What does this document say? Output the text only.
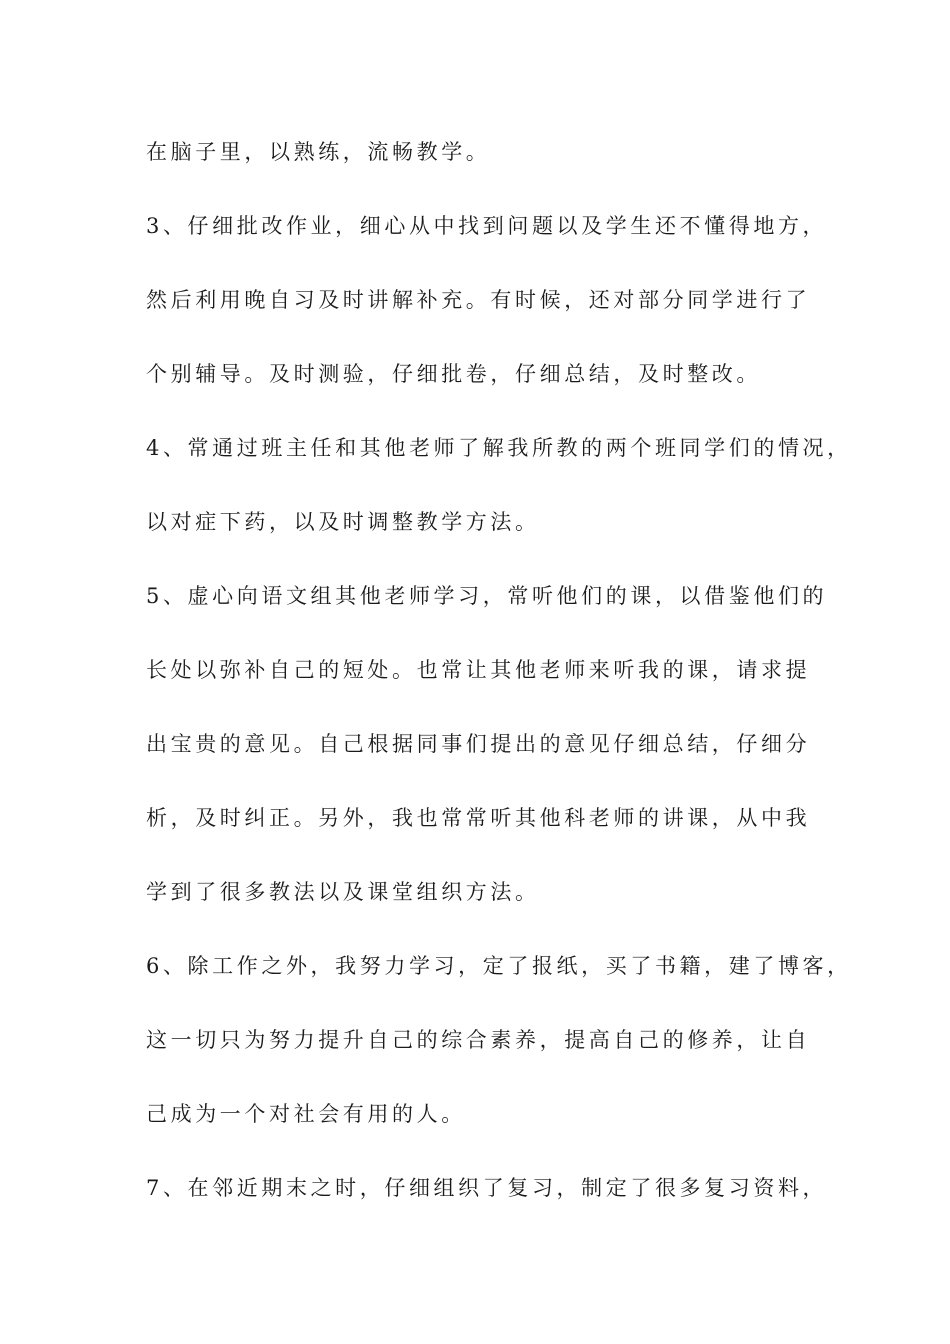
在脑子里，以熟练，流畅教学。
3、仔细批改作业，细心从中找到问题以及学生还不懂得地方，
然后利用晚自习及时讲解补充。有时候，还对部分同学进行了
个别辅导。及时测验，仔细批卷，仔细总结，及时整改。
4、常通过班主任和其他老师了解我所教的两个班同学们的情况，
以对症下药，以及时调整教学方法。
5、虚心向语文组其他老师学习，常听他们的课，以借鉴他们的
长处以弥补自己的短处。也常让其他老师来听我的课，请求提
出宝贵的意见。自己根据同事们提出的意见仔细总结，仔细分
析，及时纠正。另外，我也常常听其他科老师的讲课，从中我
学到了很多教法以及课堂组织方法。
6、除工作之外，我努力学习，定了报纸，买了书籍，建了博客，
这一切只为努力提升自己的综合素养，提高自己的修养，让自
己成为一个对社会有用的人。
7、在邻近期末之时，仔细组织了复习，制定了很多复习资料，
